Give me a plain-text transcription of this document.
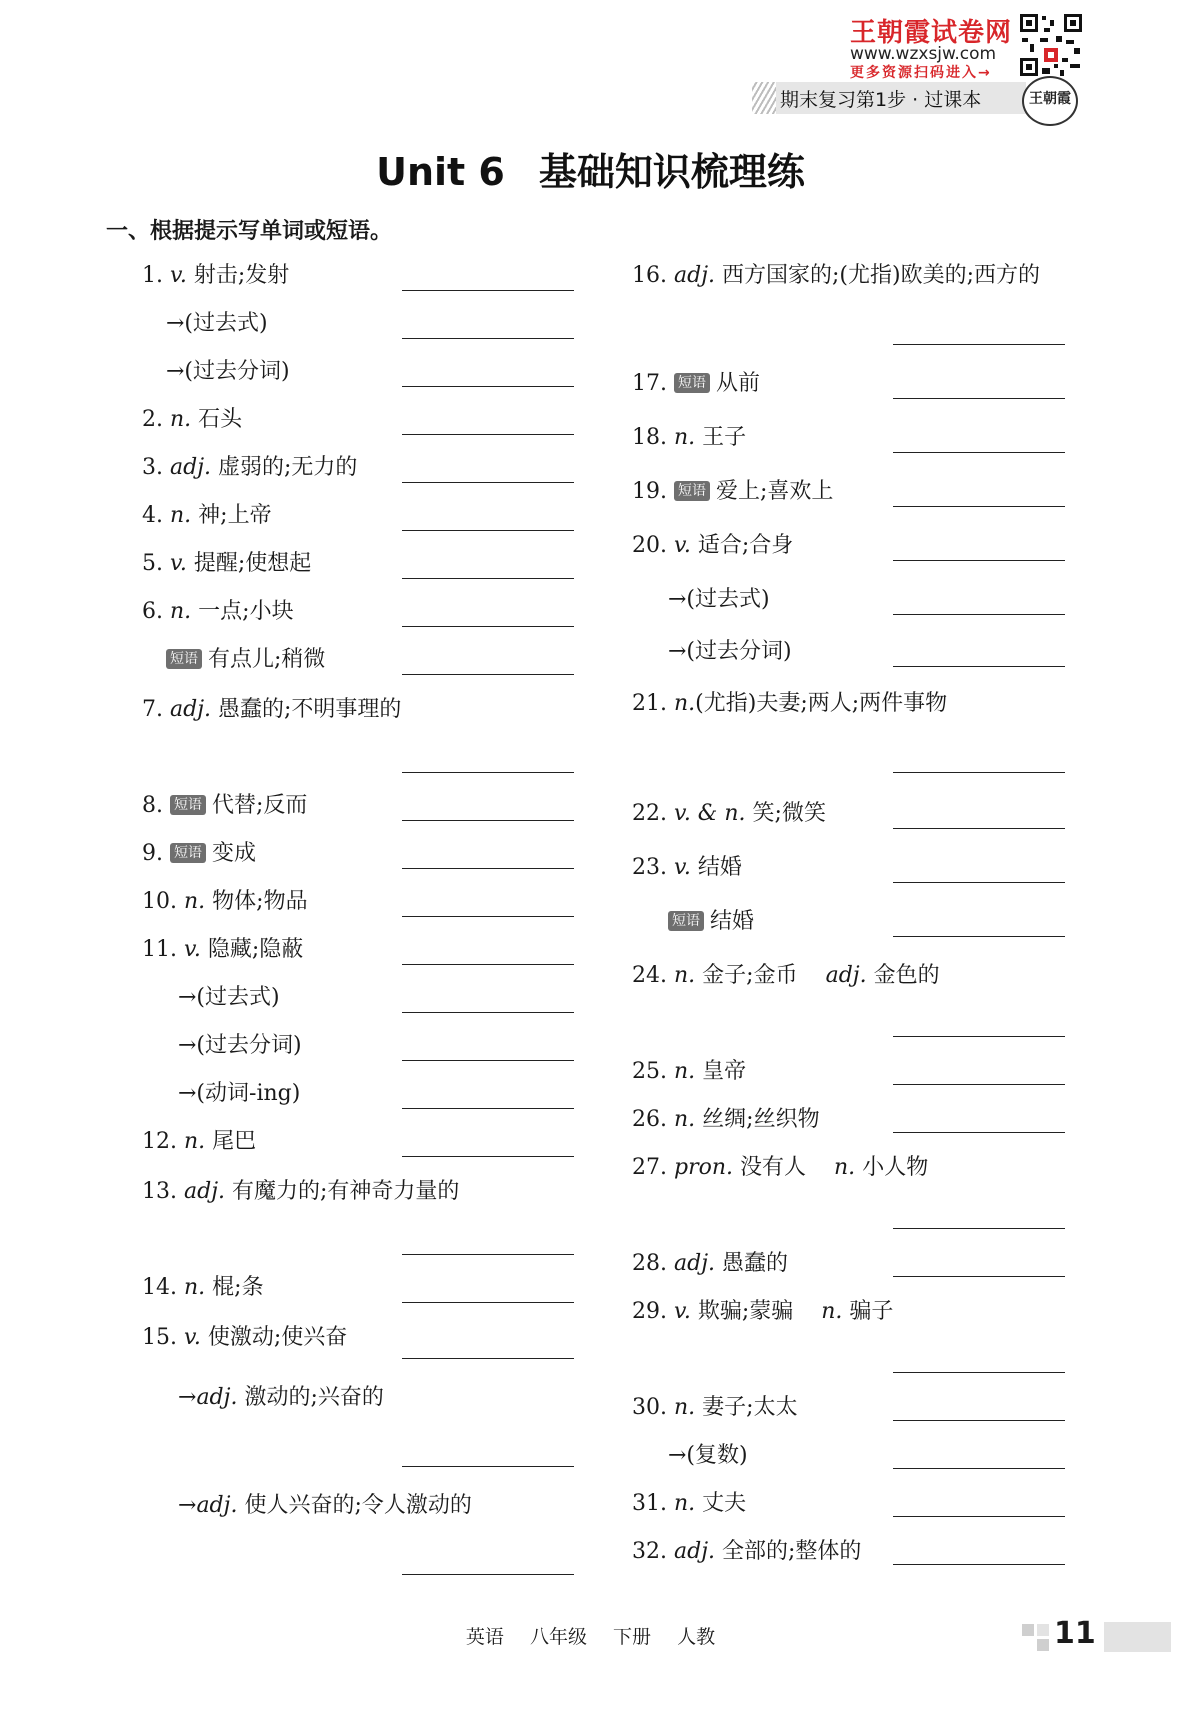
王朝霞试卷网
www.wzxsjw.com
更多资源扫码进入→
期末复习第1步 · 过课本	王朝霞
Unit 6 基础知识梳理练
一、根据提示写单词或短语。
1. v. 射击;发射
→(过去式)
→(过去分词)
2. n. 石头
3. adj. 虚弱的;无力的
4. n. 神;上帝
5. v. 提醒;使想起
6. n. 一点;小块
短语 有点儿;稍微
7. adj. 愚蠢的;不明事理的
8. 短语 代替;反而
9. 短语 变成
10. n. 物体;物品
11. v. 隐藏;隐蔽
→(过去式)
→(过去分词)
→(动词-ing)
12. n. 尾巴
13. adj. 有魔力的;有神奇力量的
14. n. 棍;条
15. v. 使激动;使兴奋
→adj. 激动的;兴奋的
→adj. 使人兴奋的;令人激动的
16. adj. 西方国家的;(尤指)欧美的;西方的
17. 短语 从前
18. n. 王子
19. 短语 爱上;喜欢上
20. v. 适合;合身
→(过去式)
→(过去分词)
21. n.(尤指)夫妻;两人;两件事物
22. v. & n. 笑;微笑
23. v. 结婚
短语 结婚
24. n. 金子;金币 adj. 金色的
25. n. 皇帝
26. n. 丝绸;丝织物
27. pron. 没有人 n. 小人物
28. adj. 愚蠢的
29. v. 欺骗;蒙骗 n. 骗子
30. n. 妻子;太太
→(复数)
31. n. 丈夫
32. adj. 全部的;整体的
英语 八年级 下册 人教	11
